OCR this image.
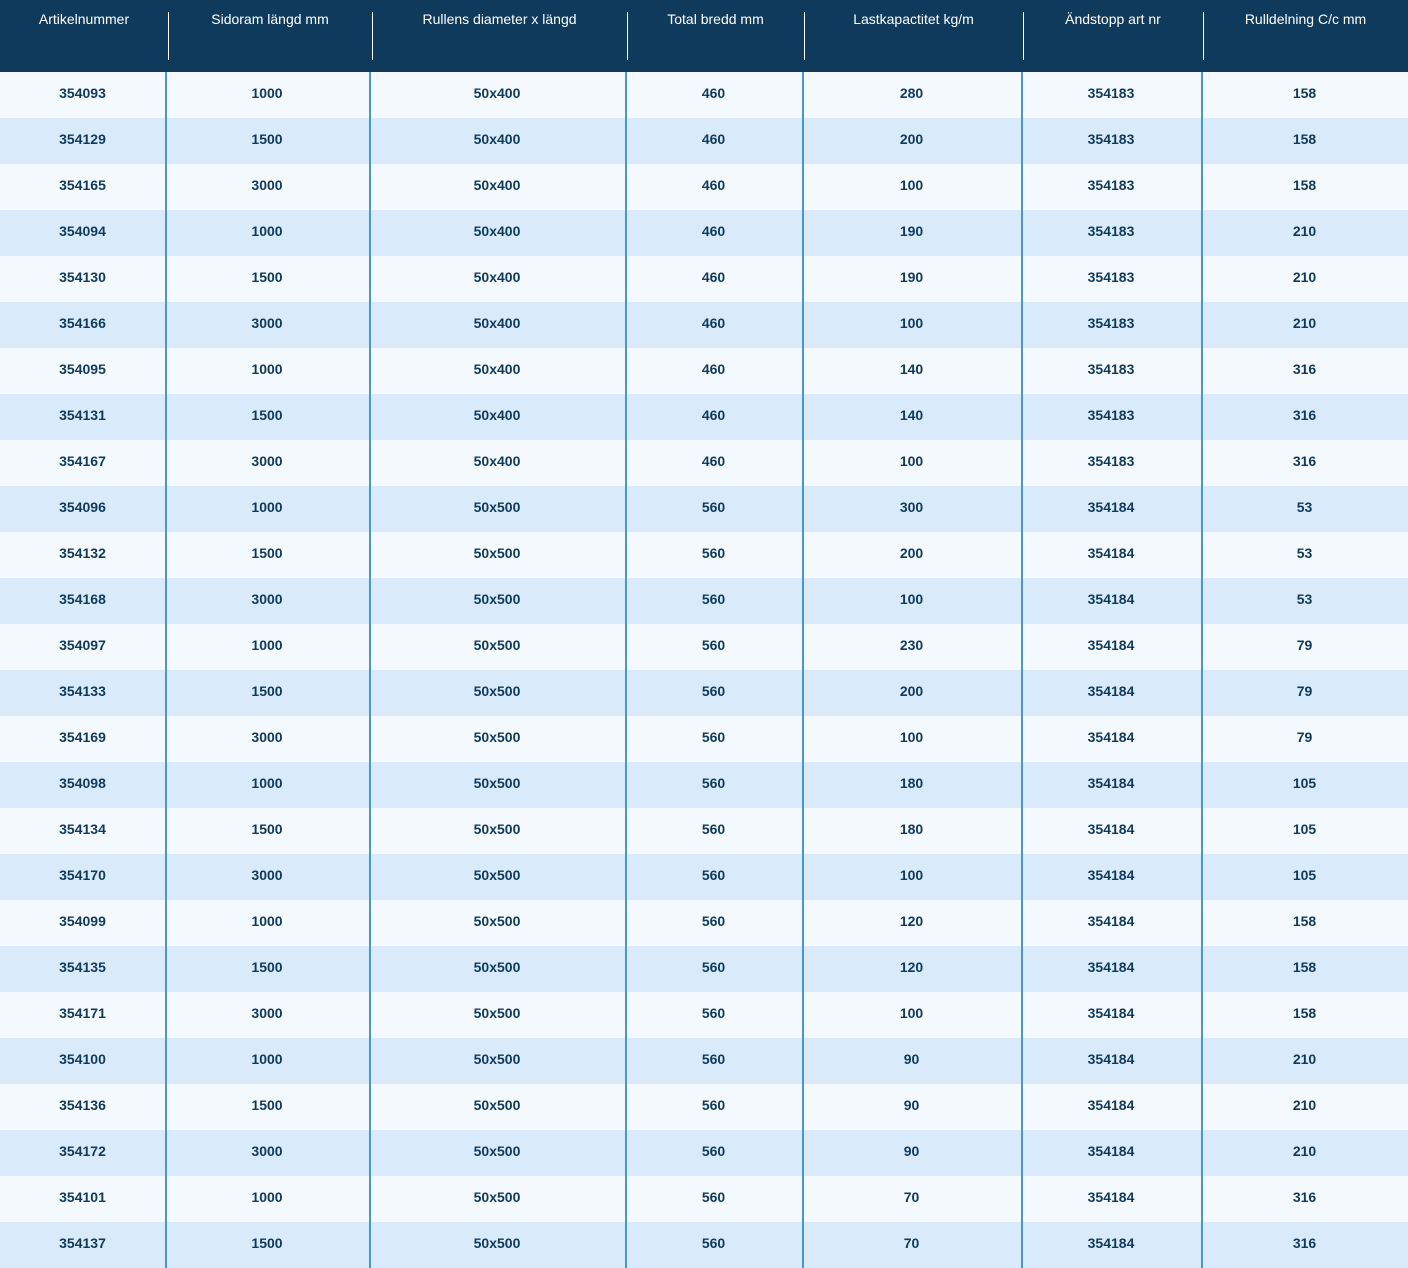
Artikelnummer	Sidoram längd mm	Rullens diameter x längd	Total bredd mm	Lastkapactitet kg/m	Ändstopp art nr	Rulldelning C/c mm
354093	1000	50x400	460	280	354183	158
354129	1500	50x400	460	200	354183	158
354165	3000	50x400	460	100	354183	158
354094	1000	50x400	460	190	354183	210
354130	1500	50x400	460	190	354183	210
354166	3000	50x400	460	100	354183	210
354095	1000	50x400	460	140	354183	316
354131	1500	50x400	460	140	354183	316
354167	3000	50x400	460	100	354183	316
354096	1000	50x500	560	300	354184	53
354132	1500	50x500	560	200	354184	53
354168	3000	50x500	560	100	354184	53
354097	1000	50x500	560	230	354184	79
354133	1500	50x500	560	200	354184	79
354169	3000	50x500	560	100	354184	79
354098	1000	50x500	560	180	354184	105
354134	1500	50x500	560	180	354184	105
354170	3000	50x500	560	100	354184	105
354099	1000	50x500	560	120	354184	158
354135	1500	50x500	560	120	354184	158
354171	3000	50x500	560	100	354184	158
354100	1000	50x500	560	90	354184	210
354136	1500	50x500	560	90	354184	210
354172	3000	50x500	560	90	354184	210
354101	1000	50x500	560	70	354184	316
354137	1500	50x500	560	70	354184	316
